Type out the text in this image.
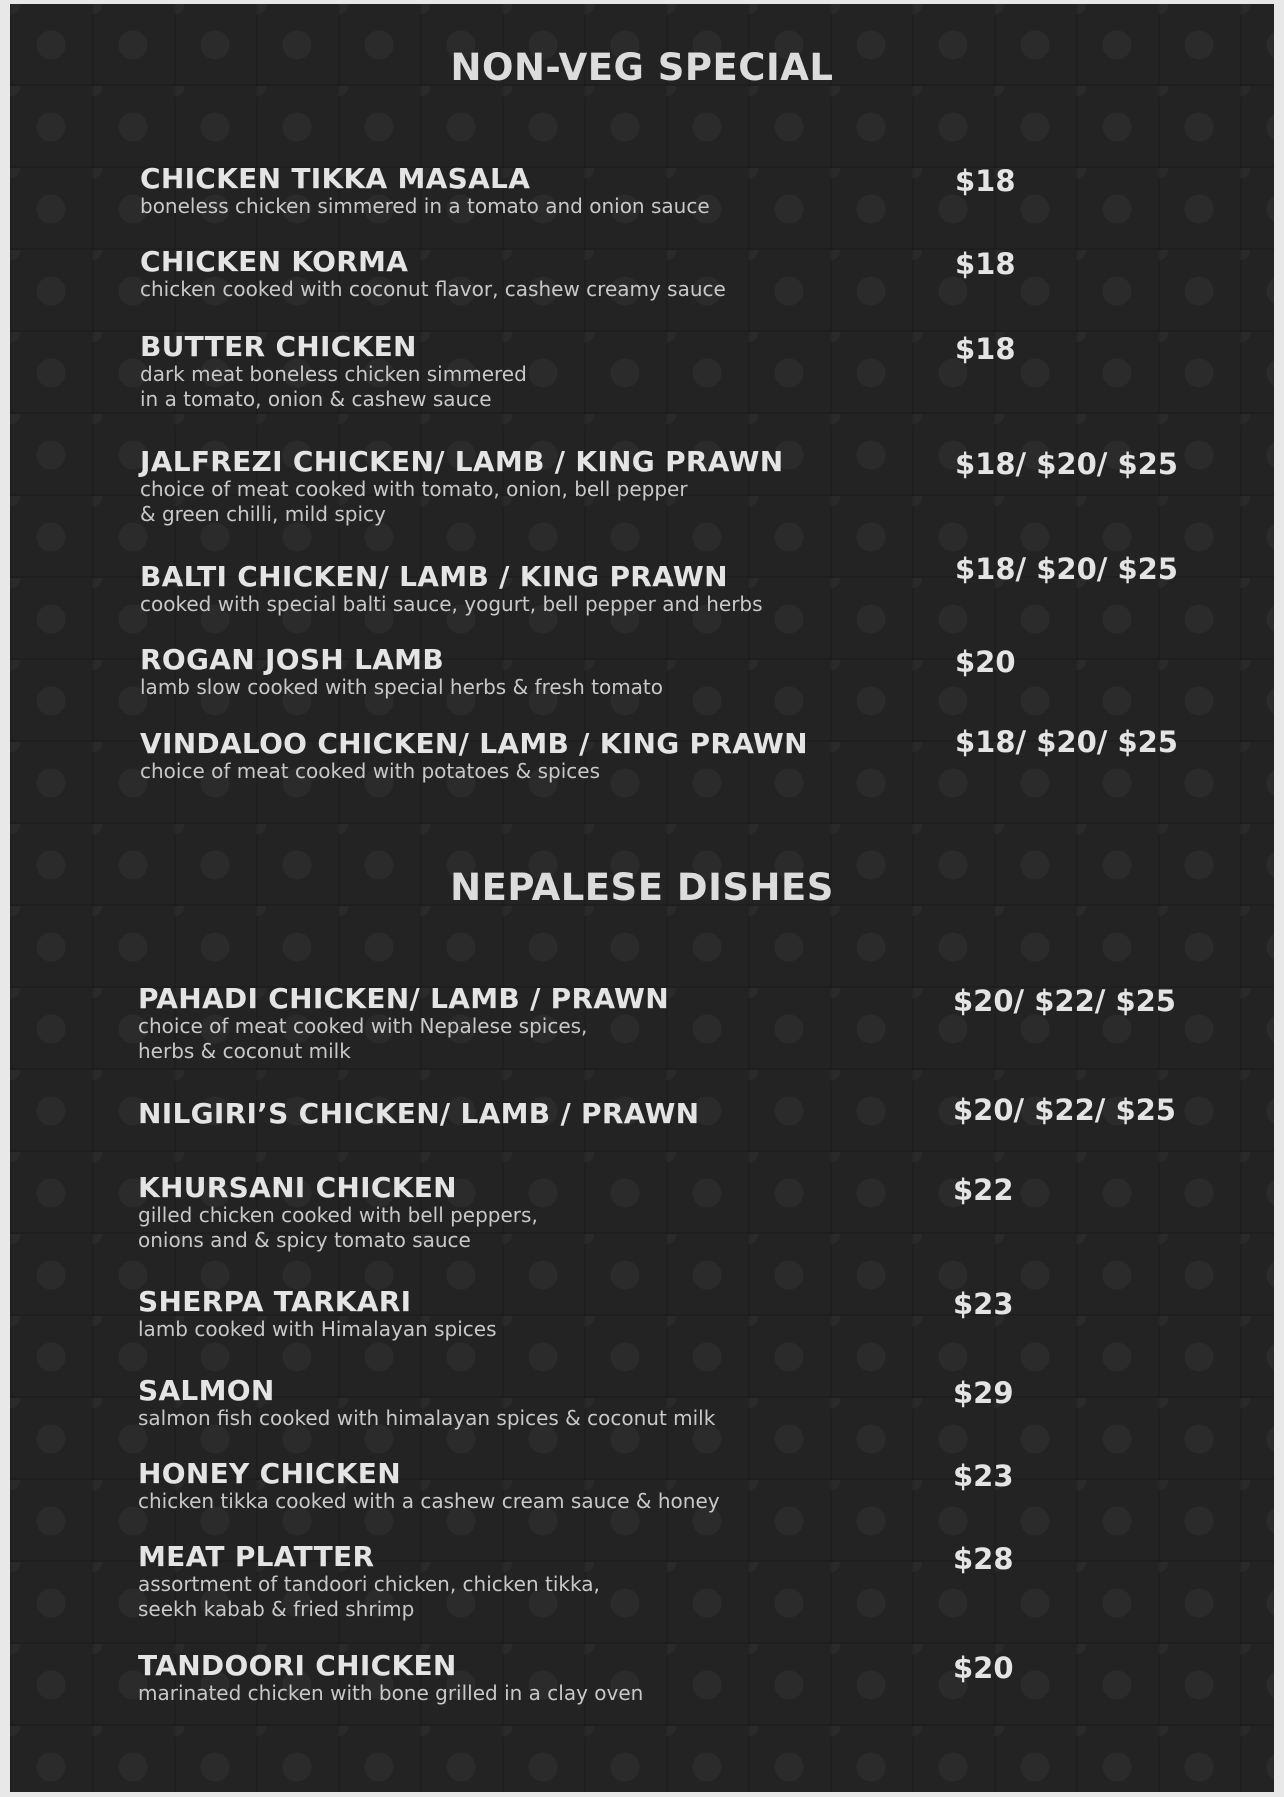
NON-VEG SPECIAL
CHICKEN TIKKA MASALA
boneless chicken simmered in a tomato and onion sauce
$18
CHICKEN KORMA
chicken cooked with coconut flavor, cashew creamy sauce
$18
BUTTER CHICKEN
dark meat boneless chicken simmered
in a tomato, onion & cashew sauce
$18
JALFREZI CHICKEN/ LAMB / KING PRAWN
choice of meat cooked with tomato, onion, bell pepper
& green chilli, mild spicy
$18/ $20/ $25
BALTI CHICKEN/ LAMB / KING PRAWN
cooked with special balti sauce, yogurt, bell pepper and herbs
$18/ $20/ $25
ROGAN JOSH LAMB
lamb slow cooked with special herbs & fresh tomato
$20
VINDALOO CHICKEN/ LAMB / KING PRAWN
choice of meat cooked with potatoes & spices
$18/ $20/ $25
NEPALESE DISHES
PAHADI CHICKEN/ LAMB / PRAWN
choice of meat cooked with Nepalese spices,
herbs & coconut milk
$20/ $22/ $25
NILGIRI’S CHICKEN/ LAMB / PRAWN	$20/ $22/ $25
KHURSANI CHICKEN
gilled chicken cooked with bell peppers,
onions and & spicy tomato sauce
$22
SHERPA TARKARI
lamb cooked with Himalayan spices
$23
SALMON
salmon fish cooked with himalayan spices & coconut milk
$29
HONEY CHICKEN
chicken tikka cooked with a cashew cream sauce & honey
$23
MEAT PLATTER
assortment of tandoori chicken, chicken tikka,
seekh kabab & fried shrimp
$28
TANDOORI CHICKEN
marinated chicken with bone grilled in a clay oven
$20
